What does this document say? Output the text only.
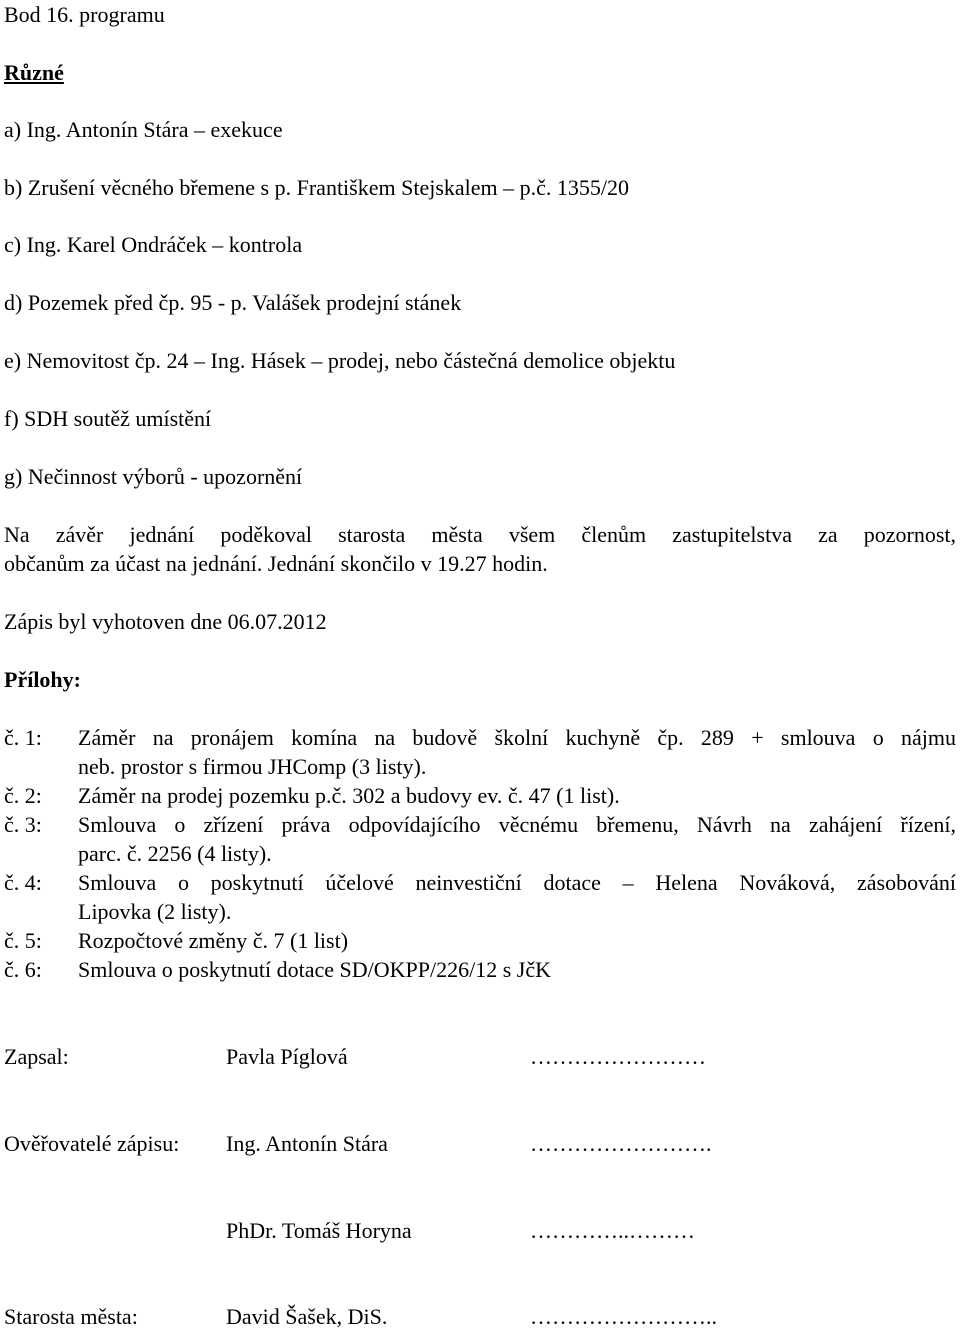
Bod 16. programu
Různé
a) Ing. Antonín Stára – exekuce
b) Zrušení věcného břemene s p. Františkem Stejskalem – p.č. 1355/20
c) Ing. Karel Ondráček – kontrola
d) Pozemek před čp. 95 - p. Valášek prodejní stánek
e) Nemovitost čp. 24 – Ing. Hásek – prodej, nebo částečná demolice objektu
f) SDH soutěž umístění
g) Nečinnost výborů - upozornění
Na závěr jednání poděkoval starosta města všem členům zastupitelstva za pozornost,
občanům za účast na jednání. Jednání skončilo v 19.27 hodin.
Zápis byl vyhotoven dne 06.07.2012
Přílohy:
č. 1: Záměr na pronájem komína na budově školní kuchyně čp. 289 + smlouva o nájmu
neb. prostor s firmou JHComp (3 listy).
č. 2: Záměr na prodej pozemku p.č. 302 a budovy ev. č. 47 (1 list).
č. 3: Smlouva o zřízení práva odpovídajícího věcnému břemenu, Návrh na zahájení řízení,
parc. č. 2256 (4 listy).
č. 4: Smlouva o poskytnutí účelové neinvestiční dotace – Helena Nováková, zásobování
Lipovka (2 listy).
č. 5: Rozpočtové změny č. 7 (1 list)
č. 6: Smlouva o poskytnutí dotace SD/OKPP/226/12 s JčK
Zapsal:	Pavla Píglová	……………………
Ověřovatelé zápisu: Ing. Antonín Stára	…………………….
PhDr. Tomáš Horyna	…………..………
Starosta města:	David Šašek, DiS.	……………………..
